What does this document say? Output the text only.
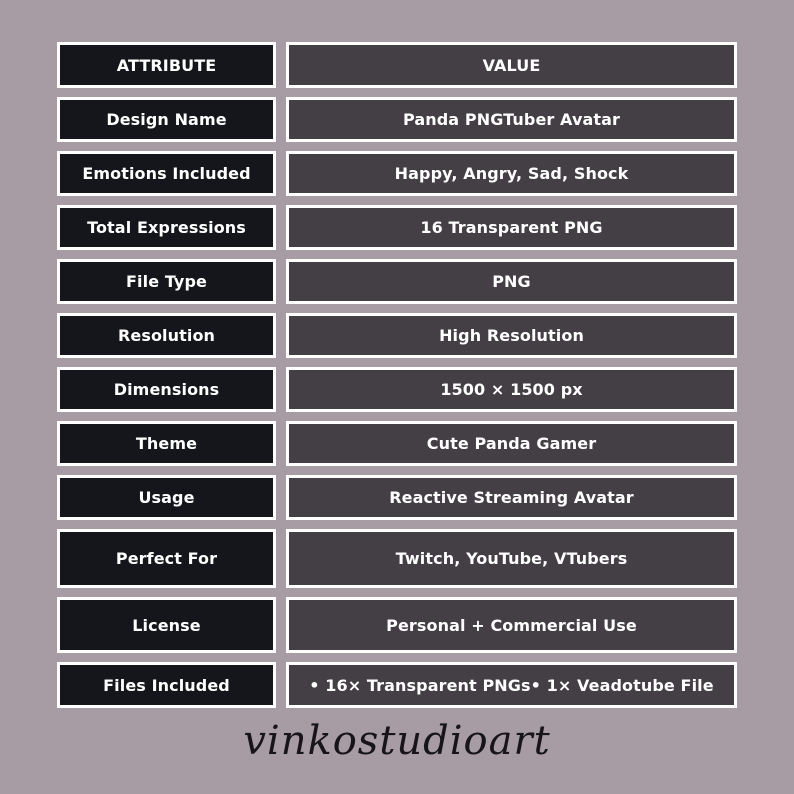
ATTRIBUTE	VALUE
Design Name	Panda PNGTuber Avatar
Emotions Included	Happy, Angry, Sad, Shock
Total Expressions	16 Transparent PNG
File Type	PNG
Resolution	High Resolution
Dimensions	1500 × 1500 px
Theme	Cute Panda Gamer
Usage	Reactive Streaming Avatar
Perfect For	Twitch, YouTube, VTubers
License	Personal + Commercial Use
Files Included	• 16× Transparent PNGs• 1× Veadotube File
vinkostudioart
